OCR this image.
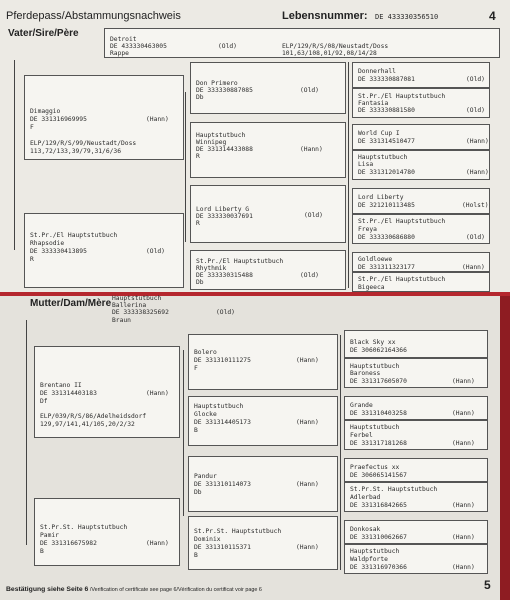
Pferdepass/Abstammungsnachweis	Lebensnummer: DE 433330356510	4
Vater/Sire/Père
Detroit
DE 433330463005
Rappe
(Old)	ELP/129/R/S/08/Neustadt/Doss
101,63/108,01/92,08/14/28
Dimaggio
DE 331316969995	(Hann)
F
ELP/129/R/S/99/Neustadt/Doss
113,72/133,39/79,31/6/36
St.Pr./El Hauptstutbuch
Rhapsodie
DE 333330413895	(Old)
R
Don Primero
DE 333330887085	(Old)
Db
Hauptstutbuch
Winnipeg
DE 331314433088	(Hann)
R
Lord Liberty G
DE 333330037691	(Old)
R
St.Pr./El Hauptstutbuch
Rhythmik
DE 333330315488	(Old)
Db
Donnerhall
DE 333330887081	(Old)
St.Pr./El Hauptstutbuch
Fantasia
DE 333330881580	(Old)
World Cup I
DE 331314510477	(Hann)
Hauptstutbuch
Lisa
DE 331312014780	(Hann)
Lord Liberty
DE 321210113485	(Holst)
St.Pr./El Hauptstutbuch
Freya
DE 333330686880	(Old)
Goldloewe
DE 331311323177	(Hann)
St.Pr./El Hauptstutbuch
Bigeeca
Mutter/Dam/Mère Hauptstutbuch
Ballerina
DE 333338325692	(Old)
Braun
Brentano II
DE 331314403183	(Hann)
Df
ELP/039/R/S/86/Adelheidsdorf
129,97/141,41/105,20/2/32
St.Pr.St. Hauptstutbuch
Pamir
DE 331316675982	(Hann)
B
Bolero
DE 331310111275	(Hann)
F
Hauptstutbuch
Glocke
DE 331314405173	(Hann)
B
Pandur
DE 331310114073	(Hann)
Db
St.Pr.St. Hauptstutbuch
Dominix
DE 331310115371	(Hann)
B
Black Sky xx
DE 306062164366
Hauptstutbuch
Baroness
DE 331317605070	(Hann)
Grande
DE 331310403258	(Hann)
Hauptstutbuch
Ferbel
DE 331317181268	(Hann)
Praefectus xx
DE 306065141567
St.Pr.St. Hauptstutbuch
Adlerbad
DE 331316842665	(Hann)
Donkosak
DE 331310062667	(Hann)
Hauptstutbuch
Waldpforte
DE 331316970366	(Hann)
Bestätigung siehe Seite 6 /Verification of certificate see page 6/Vérification du certificat voir page 6	5
